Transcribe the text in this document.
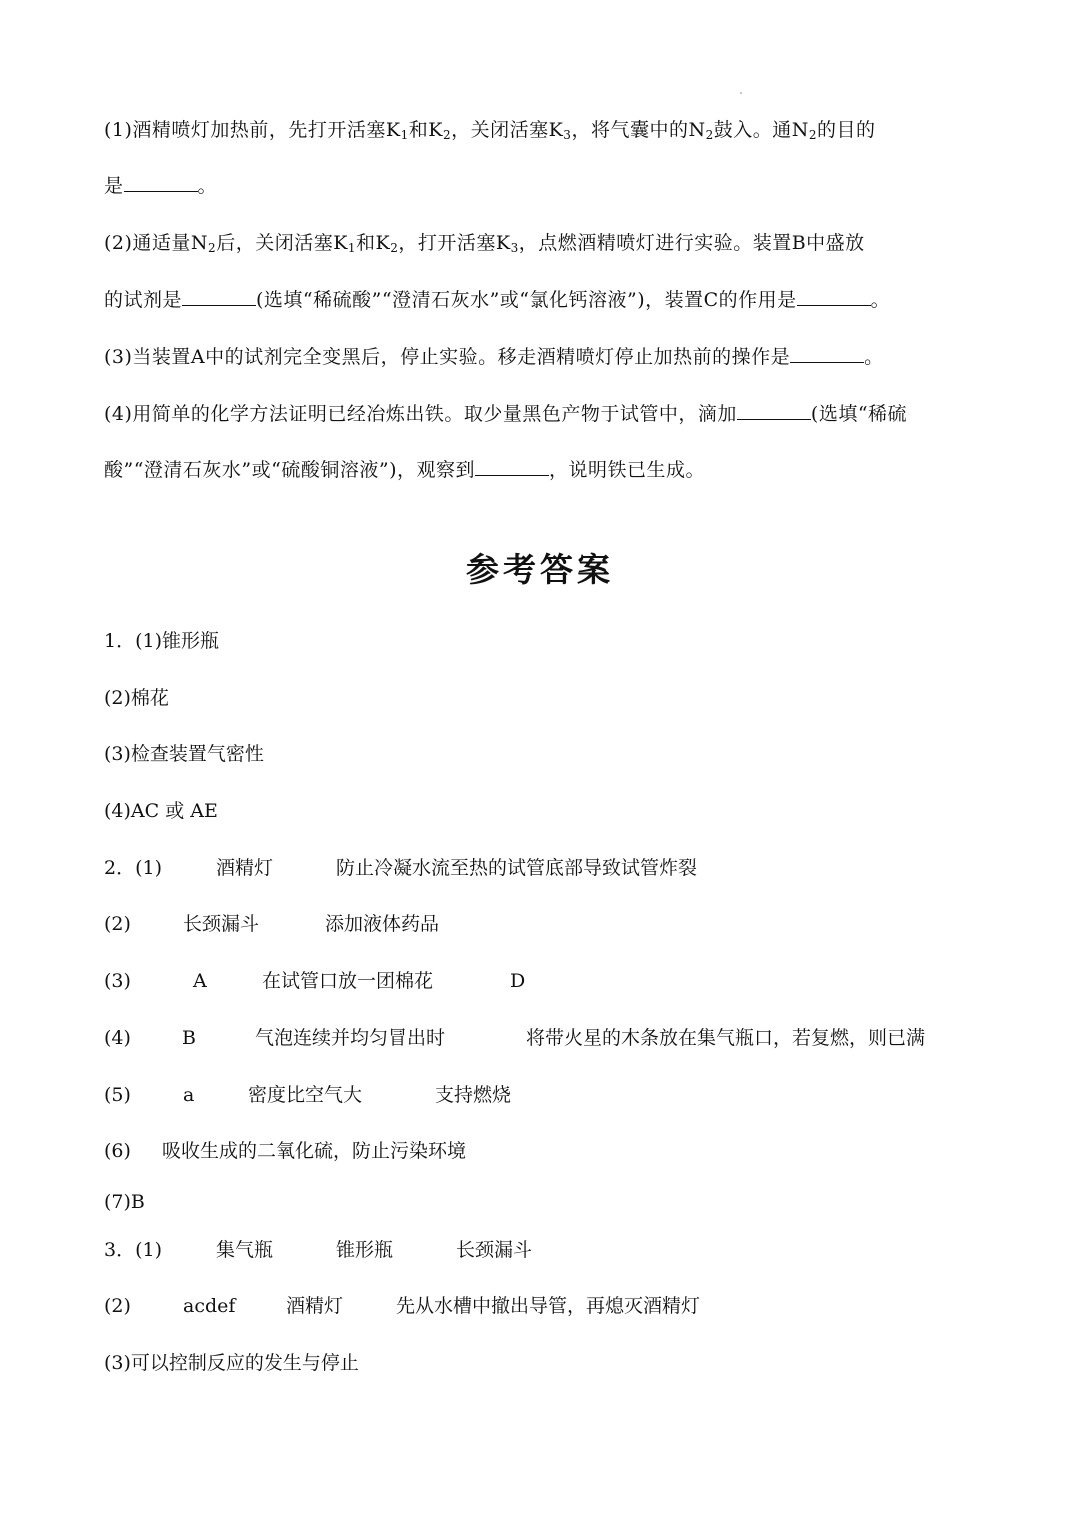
(1)酒精喷灯加热前，先打开活塞$K_1$和$K_2$，关闭活塞$K_3$，将气囊中的$N_2$鼓入。通$N_2$的目的
是	。
(2)通适量$N_2$后，关闭活塞$K_1$和$K_2$，打开活塞$K_3$，点燃酒精喷灯进行实验。装置B中盛放
的试剂是	(选填“稀硫酸”“澄清石灰水”或“氯化钙溶液”)，装置C的作用是	。
(3)当装置A中的试剂完全变黑后，停止实验。移走酒精喷灯停止加热前的操作是	。
(4)用简单的化学方法证明已经冶炼出铁。取少量黑色产物于试管中，滴加	(选填“稀硫
酸”“澄清石灰水”或“硫酸铜溶液”)，观察到	，说明铁已生成。
参考答案
1．(1)锥形瓶
(2)棉花
(3)检查装置气密性
(4)AC 或 AE
2．(1)	酒精灯	防止冷凝水流至热的试管底部导致试管炸裂
(2)	长颈漏斗	添加液体药品
(3)	A	在试管口放一团棉花	D
(4)	B	气泡连续并均匀冒出时	将带火星的木条放在集气瓶口，若复燃，则已满
(5)	a	密度比空气大	支持燃烧
(6) 吸收生成的二氧化硫，防止污染环境
(7)B
3．(1)	集气瓶	锥形瓶	长颈漏斗
(2)	acdef	酒精灯	先从水槽中撤出导管，再熄灭酒精灯
(3)可以控制反应的发生与停止
